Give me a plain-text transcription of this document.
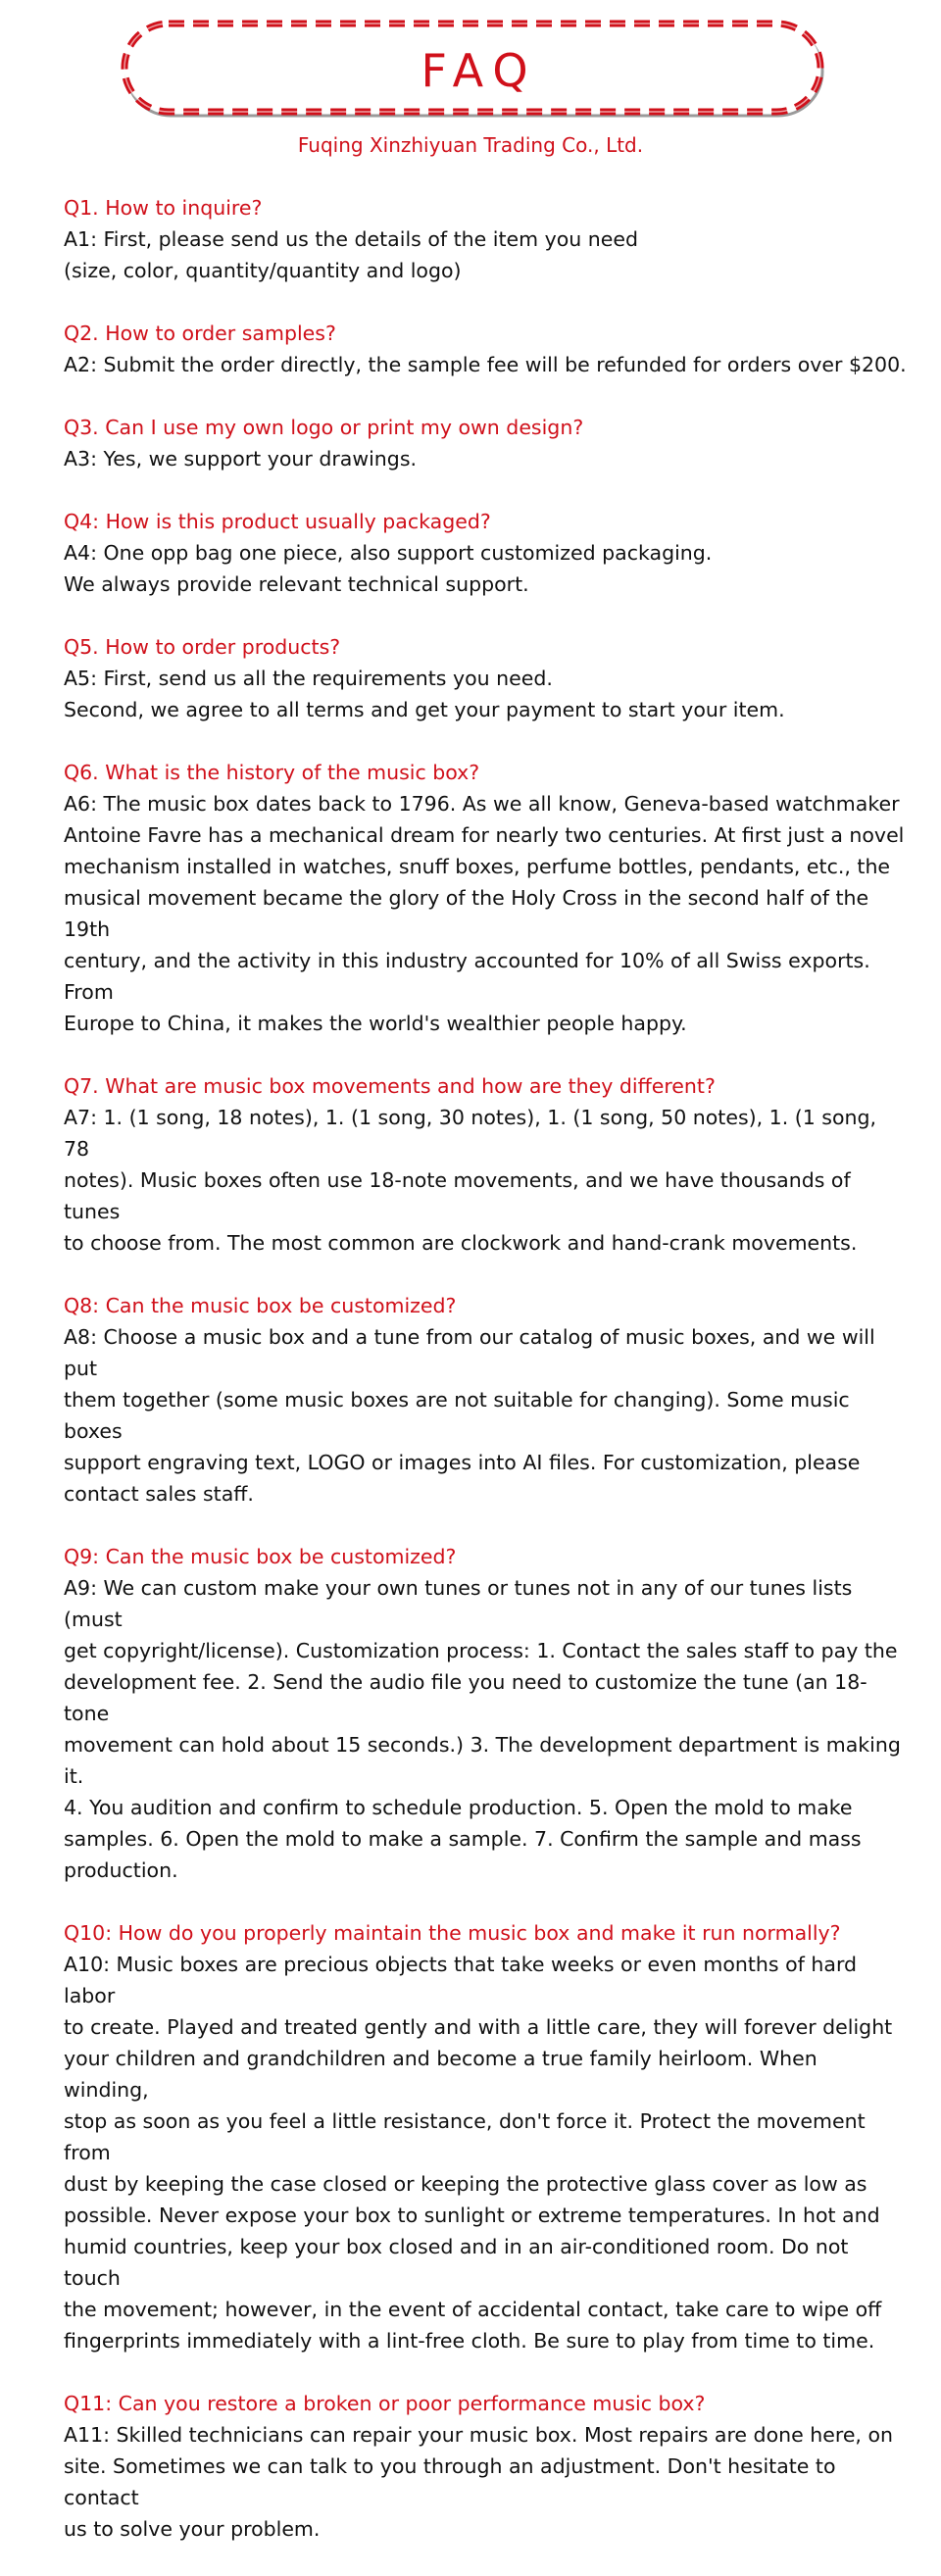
FAQ
Fuqing Xinzhiyuan Trading Co., Ltd.

Q1. How to inquire?

A1: First, please send us the details of the item you need
(size, color, quantity/quantity and logo)

Q2. How to order samples?

A2: Submit the order directly, the sample fee will be refunded for orders over $200.

Q3. Can I use my own logo or print my own design?

A3: Yes, we support your drawings.

Q4: How is this product usually packaged?

A4: One opp bag one piece, also support customized packaging.
We always provide relevant technical support.

Q5. How to order products?

A5: First, send us all the requirements you need.
Second, we agree to all terms and get your payment to start your item.

Q6. What is the history of the music box?

A6: The music box dates back to 1796. As we all know, Geneva-based watchmaker
Antoine Favre has a mechanical dream for nearly two centuries. At first just a novel
mechanism installed in watches, snuff boxes, perfume bottles, pendants, etc., the
musical movement became the glory of the Holy Cross in the second half of the 19th
century, and the activity in this industry accounted for 10% of all Swiss exports. From
Europe to China, it makes the world's wealthier people happy.

Q7. What are music box movements and how are they different?

A7: 1. (1 song, 18 notes), 1. (1 song, 30 notes), 1. (1 song, 50 notes), 1. (1 song, 78
notes). Music boxes often use 18-note movements, and we have thousands of tunes
to choose from. The most common are clockwork and hand-crank movements.

Q8: Can the music box be customized?

A8: Choose a music box and a tune from our catalog of music boxes, and we will put
them together (some music boxes are not suitable for changing). Some music boxes
support engraving text, LOGO or images into AI files. For customization, please
contact sales staff.

Q9: Can the music box be customized?

A9: We can custom make your own tunes or tunes not in any of our tunes lists (must
get copyright/license). Customization process: 1. Contact the sales staff to pay the
development fee. 2. Send the audio file you need to customize the tune (an 18-tone
movement can hold about 15 seconds.) 3. The development department is making it.
4. You audition and confirm to schedule production. 5. Open the mold to make
samples. 6. Open the mold to make a sample. 7. Confirm the sample and mass
production.

Q10: How do you properly maintain the music box and make it run normally?

A10: Music boxes are precious objects that take weeks or even months of hard labor
to create. Played and treated gently and with a little care, they will forever delight
your children and grandchildren and become a true family heirloom. When winding,
stop as soon as you feel a little resistance, don't force it. Protect the movement from
dust by keeping the case closed or keeping the protective glass cover as low as
possible. Never expose your box to sunlight or extreme temperatures. In hot and
humid countries, keep your box closed and in an air-conditioned room. Do not touch
the movement; however, in the event of accidental contact, take care to wipe off
fingerprints immediately with a lint-free cloth. Be sure to play from time to time.

Q11: Can you restore a broken or poor performance music box?

A11: Skilled technicians can repair your music box. Most repairs are done here, on
site. Sometimes we can talk to you through an adjustment. Don't hesitate to contact
us to solve your problem.
